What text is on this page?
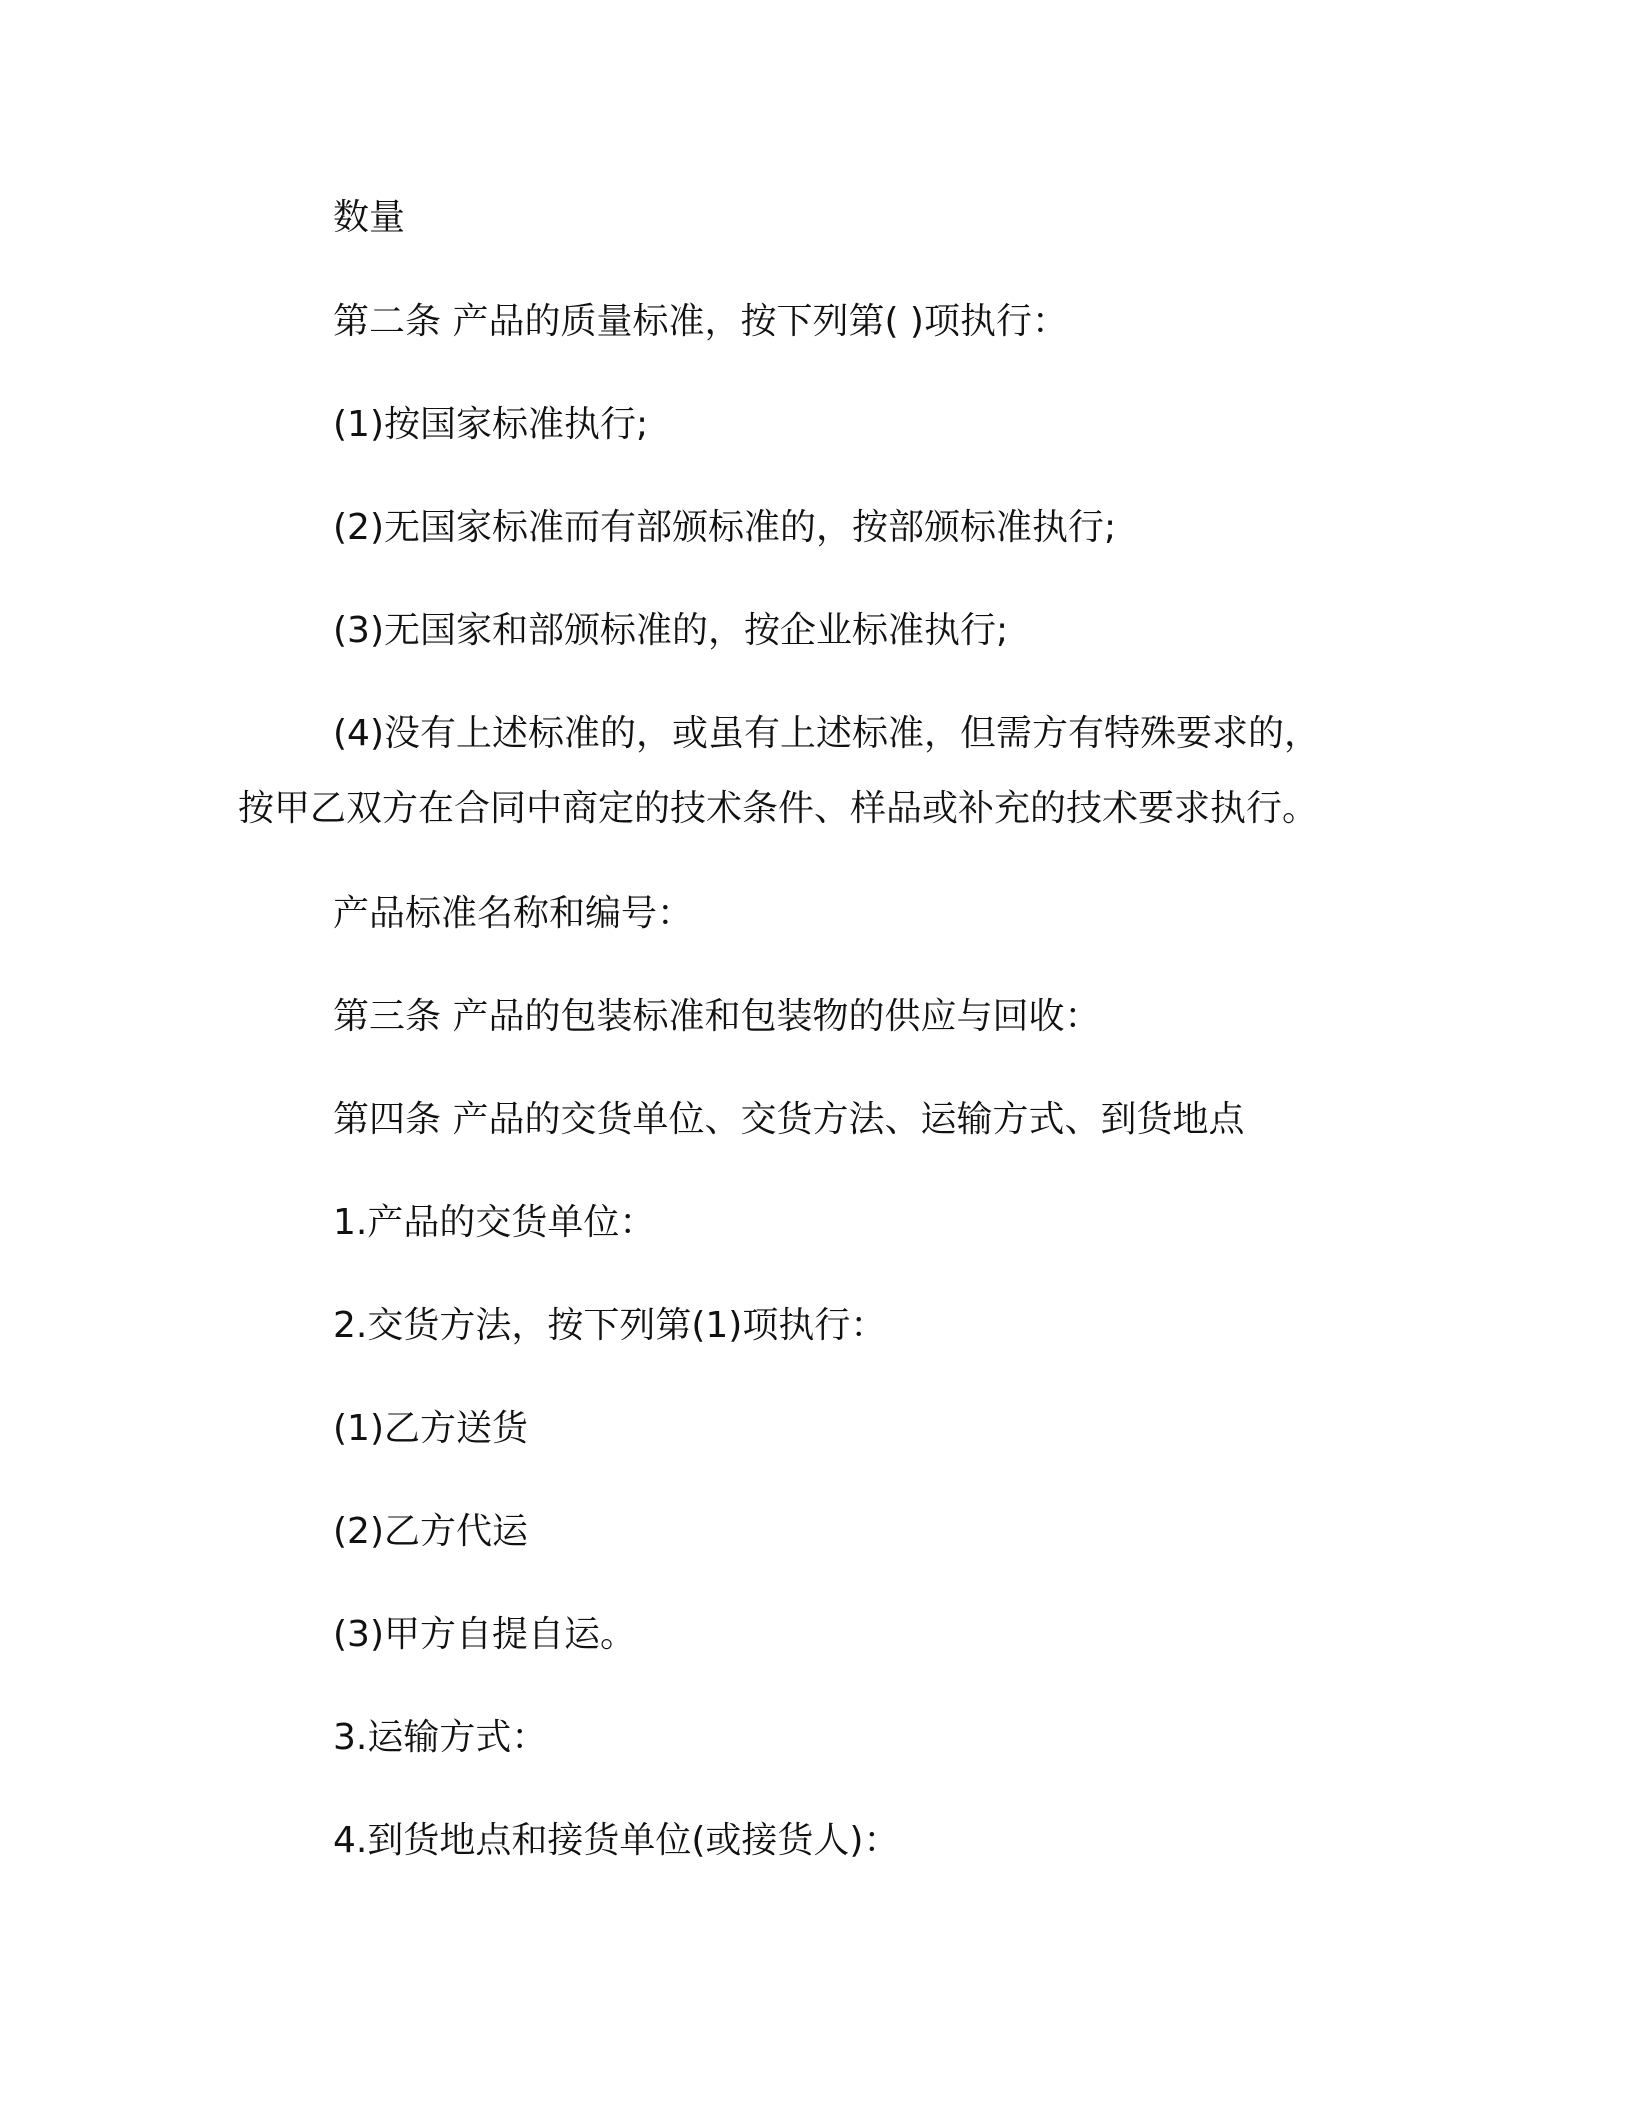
数量
第二条 产品的质量标准，按下列第( )项执行：
(1)按国家标准执行;
(2)无国家标准而有部颁标准的，按部颁标准执行;
(3)无国家和部颁标准的，按企业标准执行;
(4)没有上述标准的，或虽有上述标准，但需方有特殊要求的，
按甲乙双方在合同中商定的技术条件、样品或补充的技术要求执行。
产品标准名称和编号：
第三条 产品的包装标准和包装物的供应与回收：
第四条 产品的交货单位、交货方法、运输方式、到货地点
1.产品的交货单位：
2.交货方法，按下列第(1)项执行：
(1)乙方送货
(2)乙方代运
(3)甲方自提自运。
3.运输方式：
4.到货地点和接货单位(或接货人)：
